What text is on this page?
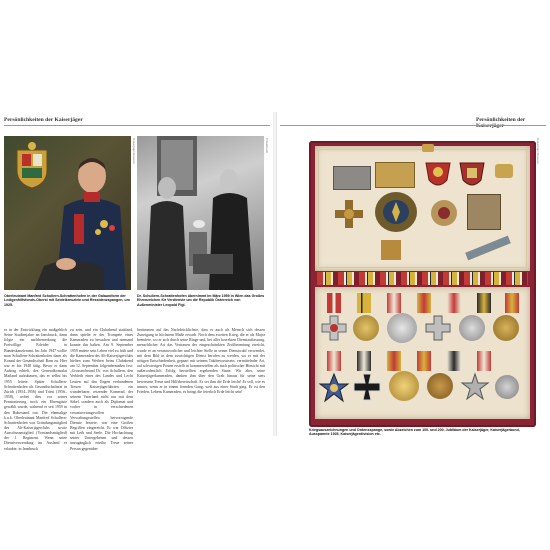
Persönlichkeiten der Kaiserjäger
Kaiserjägermuseum
Oberleutnant Manfred Schullern-Schrattenhofen in der Galauniform der Ledigenhilfsfonds-Oberst mit Seidelkreuzlein und Ressidenzspangen, um 1925.
Privatbesitz
Dr. Schullern-Schrattenhofen übernimmt im März 1959 in Wien das Großes Ehrenzeichen für Verdienste um die Republik Österreich von Außenminister Leopold Figl.
er in der Entwicklung ein maßgeblich Seine Studienjahre an Innsbruck, dann folgte ein nachbemerkung die Freiwillige Erleider in Bundeskanzleramt. Im Jahr 1947 wollte man Schullern-Schrattenhofen dann als Konsul der Gesandtschaft Rom zu. Hier war er bis 1948 tätig. Bevor er dann Auftrag erhielt, des Generalkonsulat Mailand aufzubauen, das er selbst bis 1955 leitete. Später Schullern-Schrattenhofen als Gesandtschaftsrat in Zürich (1954–1956) und Triest (1956–1958), wobei dies vor seiner Pensionierung noch ein Ehrengäste gewählt wurde, während er seit 1959 in den Ruhestand trat. Der ehemalige k.u.k. Oberleutnant Manfred Schullern-Schrattenhofen war Gründungsmitglied des Alt-Kaiserjägerclubs sowie Ausschussmitglied (Vorstandsmitglied) der 1. Regiment. Wenn seine Dienstverwendung im Ausland er erlaubte, in Innsbruck
zu sein, und ein Clubabend stattfand, dann spielte er der Trompete eines Kameraden zu besuchen und niemand konnte ihn halten. Am 9. September 1959 endete sein Leben viel zu früh und die Kameraden des Alt-Kaiserjägerclubs hielten zum Weihen beim Clubabend am 12. September folgendermaßen fest: „Grossenfreund Dr. von Schullern, den Verbleib eines des Landes und Lecht Leuten auf den Engen verbundenen Treuen Kaiserjägerfährten, ein wunderbarer, reizender Kamerad, der seinem Vaterland nicht nur mit dem Säbel, sondern auch als Diplomat und vorher in verschiedenen verantwortungsvollen Verwaltungsstellen hervorragende Dienste leistete, war eine Großen Begriffen eingereicht. Er war Offizier mit Leib und Seele. Die Hochachtung seiner Untergebenen und dessen unzugänglich erteilte Treue seiner Person gegenüber
bestimmen auf das Nachdrücklichste, dass er auch als Mensch sich dessen Zuneigung in höchstem Maße erwarb. Noch dem zweiten Krieg, die er als Major beendete, wo er sich durch seine Ringe und, bei aller korrekten Dienstauffassung, menschlicher Art das Vertrauen der eingeschränkten Zivilbeamtung erreicht, wurde er an verantwortlicher und leichter Stelle in seiner Dienstwahl verwendet, mit dem Bild in dem zuwichtigen Dienst berufen zu werden, wo er mit der nötigen Entschiedenheit, gepaart mit seinem Taktbewusstsein, vermittelnder Art, auf schwierigen Posten erstellt in kommerziellen als auch politischer Hinsicht mit außerordentlich Erfolg herstellten ergebenden Sinne. Wir aber, seine Kaiserjägerkameraden, danken ihm über den Grab hinaus für seine stets bewiesene Treue und Hilfsbereitschaft. Es sei ihm die Erde leicht! Er soll, wie es immer, wenn er in einem fremden Gang, weit aus einer Stadt ging. Er ist den Frieden, Lebens Kameraden, es bringt die feierlich Erde leicht sein!
Persönlichkeiten der Kaiserjäger
Kaiserjägermuseum
Kriegsauszeichnungen und Ordensspange, sowie Abzeichen zum 100. und 200. Jubiläum der Kaiserjäger, Kaiserjägerbund, Ausspannte 1925, Kaiserjägerdivision etc.
